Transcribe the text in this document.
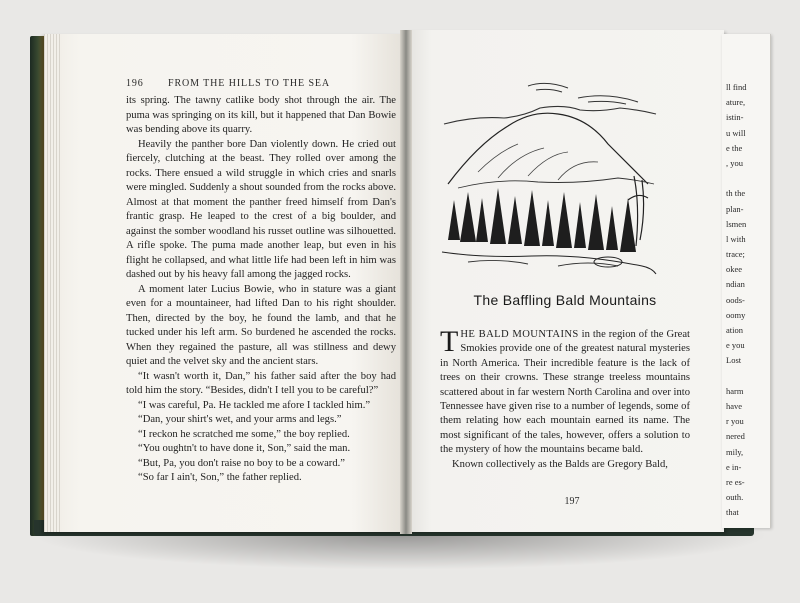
ll find
ature,
istin-
u will
e the
, you
th the
plan-
lsmen
l with
trace;
okee
ndian
oods-
oomy
ation
e you
Lost
harm
have
r you
nered
mily,
e in-
re es-
outh.
that
196 FROM THE HILLS TO THE SEA

its spring. The tawny catlike body shot through the air. The puma was springing on its kill, but it happened that Dan Bowie was bending above its quarry.

Heavily the panther bore Dan violently down. He cried out fiercely, clutching at the beast. They rolled over among the rocks. There ensued a wild struggle in which cries and snarls were mingled. Suddenly a shout sounded from the rocks above. Almost at that moment the panther freed himself from Dan's frantic grasp. He leaped to the crest of a big boulder, and against the somber woodland his russet outline was silhouetted. A rifle spoke. The puma made another leap, but even in his flight he collapsed, and what little life had been left in him was dashed out by his heavy fall among the jagged rocks.

A moment later Lucius Bowie, who in stature was a giant even for a mountaineer, had lifted Dan to his right shoulder. Then, directed by the boy, he found the lamb, and that he tucked under his left arm. So burdened he ascended the rocks. When they regained the pasture, all was stillness and dewy quiet and the velvet sky and the ancient stars.

“It wasn't worth it, Dan,” his father said after the boy had told him the story. “Besides, didn't I tell you to be careful?”

“I was careful, Pa. He tackled me afore I tackled him.”

“Dan, your shirt's wet, and your arms and legs.”

“I reckon he scratched me some,” the boy replied.

“You oughtn't to have done it, Son,” said the man.

“But, Pa, you don't raise no boy to be a coward.”

“So far I ain't, Son,” the father replied.

The Baffling Bald Mountains

THE BALD MOUNTAINS in the region of the Great Smokies provide one of the greatest natural mysteries in North America. Their incredible feature is the lack of trees on their crowns. These strange treeless mountains scattered about in far western North Carolina and over into Tennessee have given rise to a number of legends, some of them relating how each mountain earned its name. The most significant of the tales, however, offers a solution to the mystery of how the mountains became bald.

Known collectively as the Balds are Gregory Bald,

197
